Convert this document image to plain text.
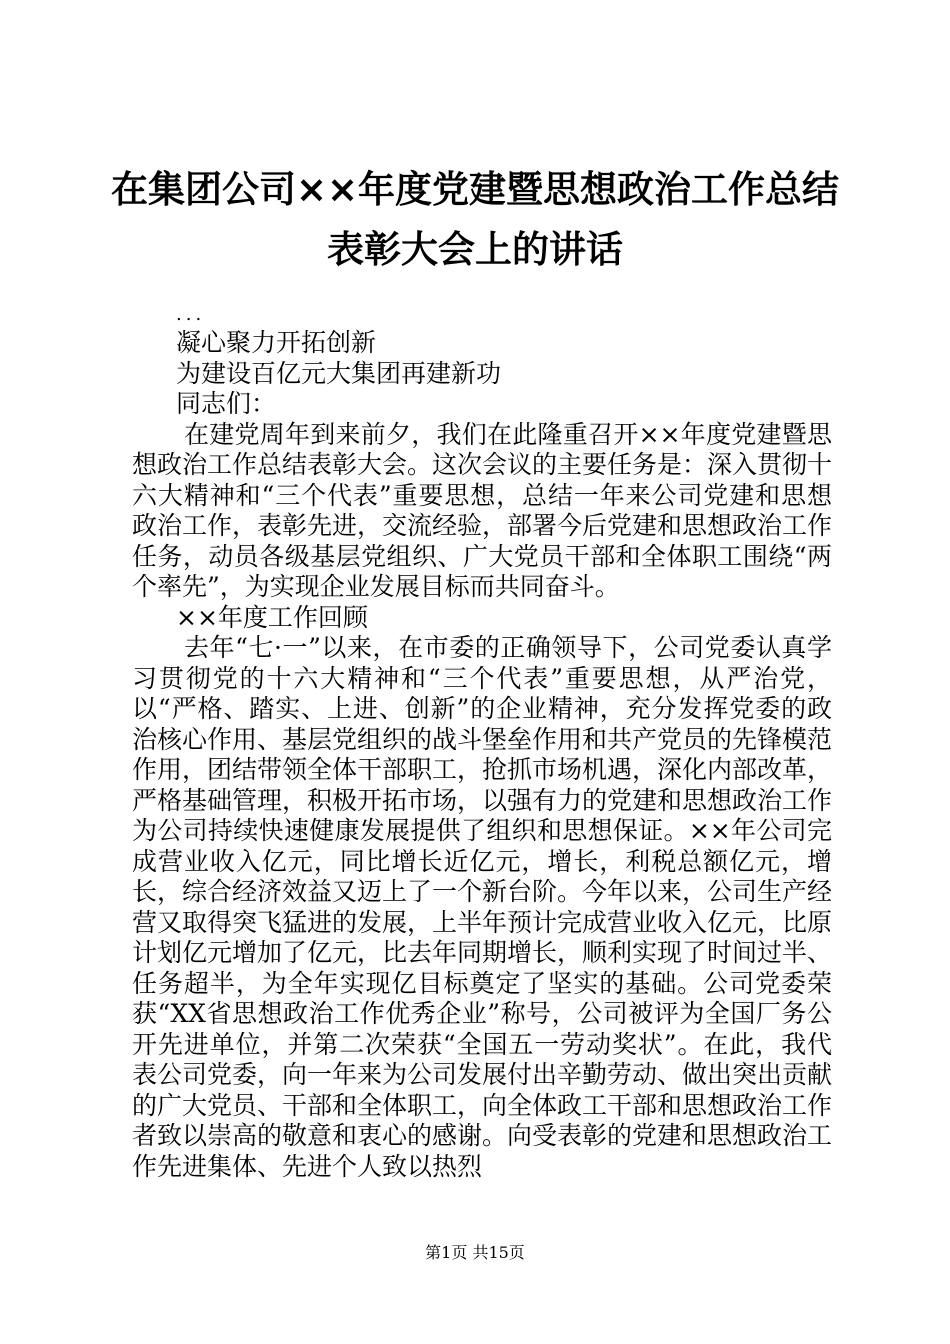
在集团公司××年度党建暨思想政治工作总结
表彰大会上的讲话
...
凝心聚力开拓创新
为建设百亿元大集团再建新功
同志们：

在建党周年到来前夕，我们在此隆重召开××年度党建暨思想政治工作总结表彰大会。这次会议的主要任务是：深入贯彻十六大精神和“三个代表”重要思想，总结一年来公司党建和思想政治工作，表彰先进，交流经验，部署今后党建和思想政治工作任务，动员各级基层党组织、广大党员干部和全体职工围绕“两个率先”，为实现企业发展目标而共同奋斗。

××年度工作回顾

去年“七·一”以来，在市委的正确领导下，公司党委认真学习贯彻党的十六大精神和“三个代表”重要思想，从严治党，以“严格、踏实、上进、创新”的企业精神，充分发挥党委的政治核心作用、基层党组织的战斗堡垒作用和共产党员的先锋模范作用，团结带领全体干部职工，抢抓市场机遇，深化内部改革，严格基础管理，积极开拓市场，以强有力的党建和思想政治工作为公司持续快速健康发展提供了组织和思想保证。××年公司完成营业收入亿元，同比增长近亿元，增长，利税总额亿元，增长，综合经济效益又迈上了一个新台阶。今年以来，公司生产经营又取得突飞猛进的发展，上半年预计完成营业收入亿元，比原计划亿元增加了亿元，比去年同期增长，顺利实现了时间过半、任务超半，为全年实现亿目标奠定了坚实的基础。公司党委荣获“XX省思想政治工作优秀企业”称号，公司被评为全国厂务公开先进单位，并第二次荣获“全国五一劳动奖状”。在此，我代表公司党委，向一年来为公司发展付出辛勤劳动、做出突出贡献的广大党员、干部和全体职工，向全体政工干部和思想政治工作者致以崇高的敬意和衷心的感谢。向受表彰的党建和思想政治工作先进集体、先进个人致以热烈

第1页 共15页
